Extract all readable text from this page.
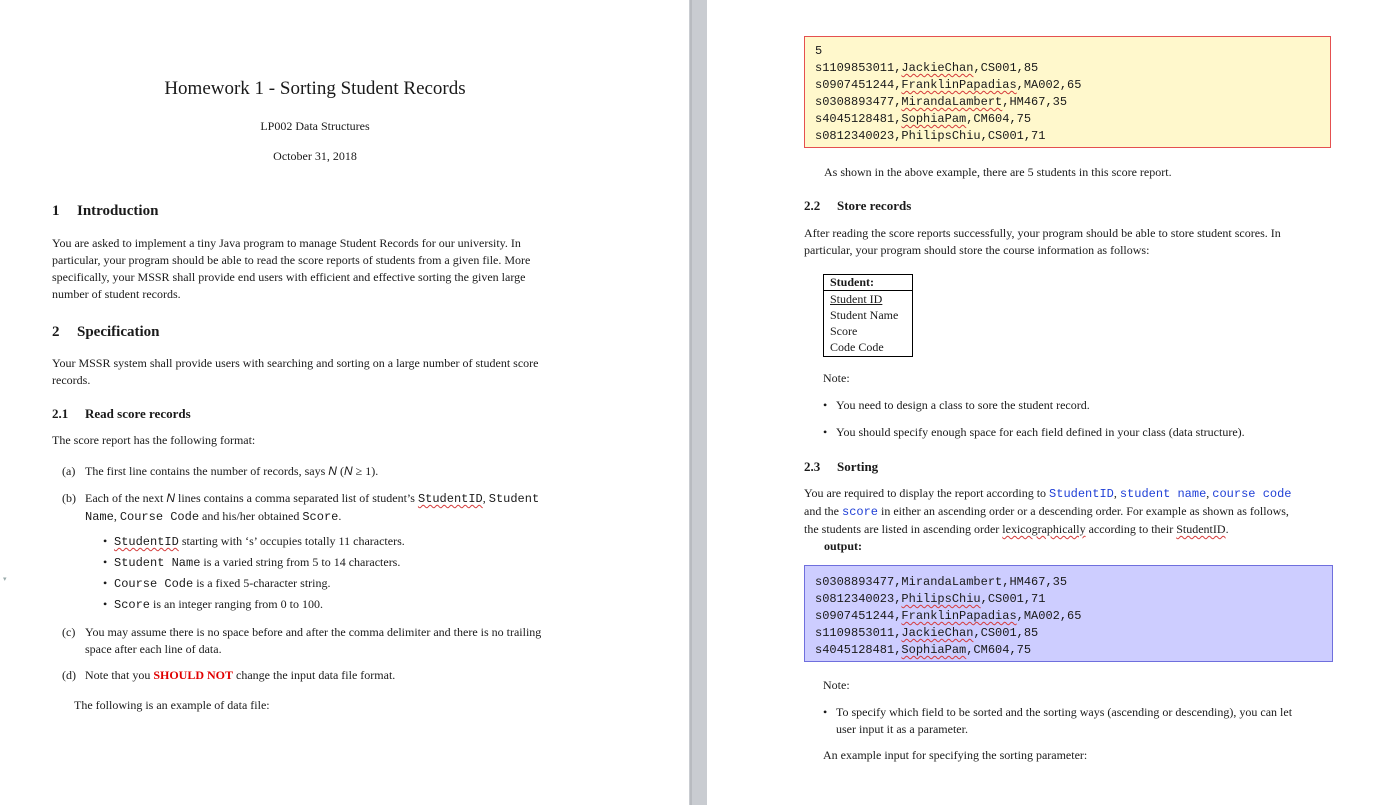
Homework 1 - Sorting Student Records
LP002 Data Structures
October 31, 2018
1 Introduction
You are asked to implement a tiny Java program to manage Student Records for our university. In
particular, your program should be able to read the score reports of students from a given file. More
specifically, your MSSR shall provide end users with efficient and effective sorting the given large
number of student records.
2 Specification
Your MSSR system shall provide users with searching and sorting on a large number of student score
records.
2.1 Read score records
The score report has the following format:
(a) The first line contains the number of records, says N (N ≥ 1).
(b) Each of the next N lines contains a comma separated list of student’s StudentID, Student
Name, Course Code and his/her obtained Score.
• StudentID starting with ‘s’ occupies totally 11 characters.
• Student Name is a varied string from 5 to 14 characters.
• Course Code is a fixed 5-character string.
• Score is an integer ranging from 0 to 100.
(c) You may assume there is no space before and after the comma delimiter and there is no trailing
space after each line of data.
(d) Note that you SHOULD NOT change the input data file format.
The following is an example of data file:
▾
5
s1109853011,JackieChan,CS001,85
s0907451244,FranklinPapadias,MA002,65
s0308893477,MirandaLambert,HM467,35
s4045128481,SophiaPam,CM604,75
s0812340023,PhilipsChiu,CS001,71
As shown in the above example, there are 5 students in this score report.
2.2 Store records
After reading the score reports successfully, your program should be able to store student scores. In
particular, your program should store the course information as follows:
Student:
Student ID
Student Name
Score
Code Code
Note:
• You need to design a class to sore the student record.
• You should specify enough space for each field defined in your class (data structure).
2.3 Sorting
You are required to display the report according to StudentID, student name, course code
and the score in either an ascending order or a descending order. For example as shown as follows,
the students are listed in ascending order lexicographically according to their StudentID.
output:
s0308893477,MirandaLambert,HM467,35
s0812340023,PhilipsChiu,CS001,71
s0907451244,FranklinPapadias,MA002,65
s1109853011,JackieChan,CS001,85
s4045128481,SophiaPam,CM604,75
Note:
• To specify which field to be sorted and the sorting ways (ascending or descending), you can let
user input it as a parameter.
An example input for specifying the sorting parameter:
